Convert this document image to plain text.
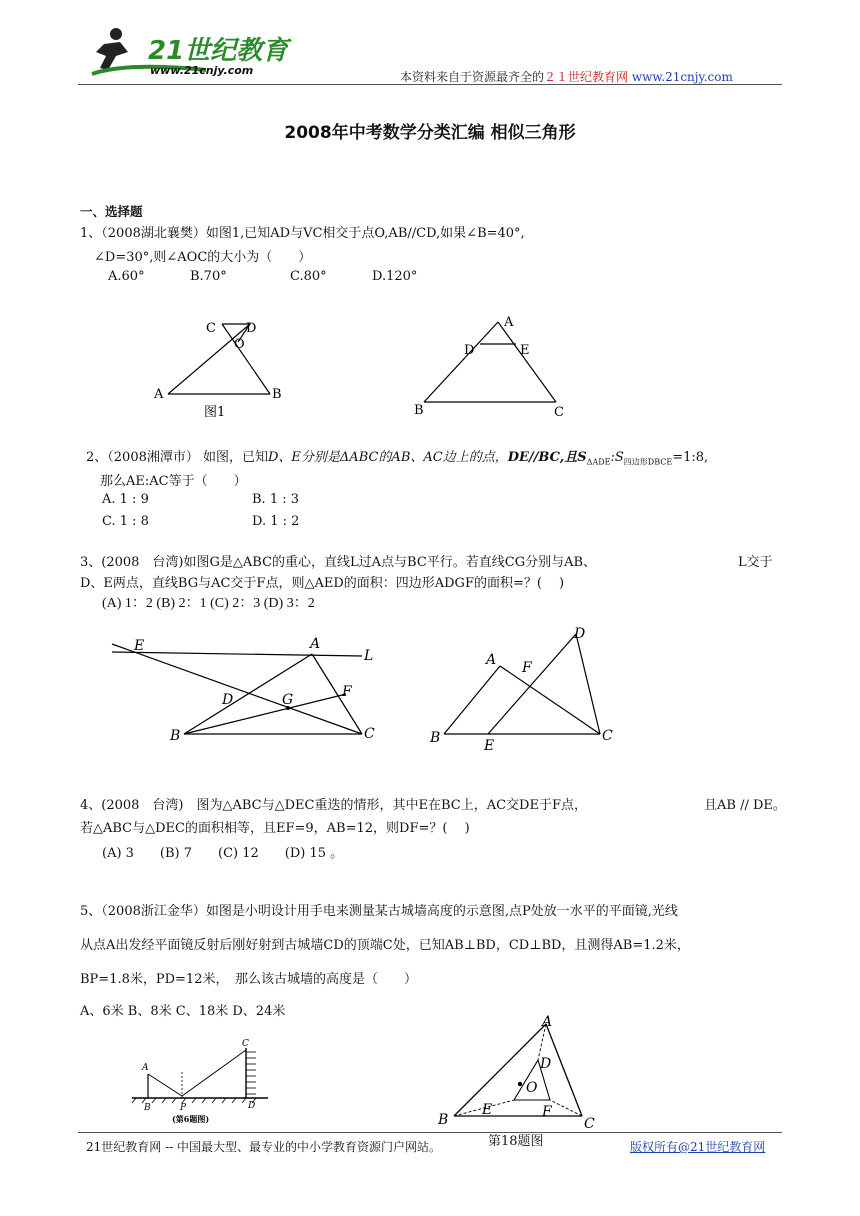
21世纪教育
www.21cnjy.com	本资料来自于资源最齐全的２１世纪教育网 www.21cnjy.com
2008年中考数学分类汇编 相似三角形
一、选择题
1、（2008湖北襄樊）如图1,已知AD与VC相交于点O,AB//CD,如果∠B=40°,
∠D=30°,则∠AOC的大小为（　　）
A.60°	B.70°	C.80°	D.120°
C D
O
A	B
图1
A
D	E
B	C
2、（2008湘潭市） 如图，已知D、E分别是ΔABC的AB、AC边上的点，DE//BC,且$S_{\Delta ADE}:S_{四边形DBCE}=1:8$,
那么AE:AC等于（　　）
A. 1 : 9	B. 1 : 3
C. 1 : 8	D. 1 : 2
3、(2008　台湾)如图G是△ABC的重心，直线L过A点与BC平行。若直线CG分别与AB、	L交于
D、E两点，直线BG与AC交于F点，则△AED的面积：四边形ADGF的面积=？(　 )
(A) 1：2 (B) 2：1 (C) 2：3 (D) 3：2
E	A
L
D	G	F
B	C
D
A F
B	E
C
4、(2008　台湾)　图为△ABC与△DEC重迭的情形，其中E在BC上，AC交DE于F点，	且AB // DE。
若△ABC与△DEC的面积相等，且EF=9，AB=12，则DF=？(　 )
(A) 3　　(B) 7　　(C) 12　　(D) 15 。
5、（2008浙江金华）如图是小明设计用手电来测量某古城墙高度的示意图,点P处放一水平的平面镜,光线
从点A出发经平面镜反射后刚好射到古城墙CD的顶端C处，已知AB⊥BD，CD⊥BD，且测得AB=1.2米，
BP=1.8米，PD=12米，　那么该古城墙的高度是（　　）
A、6米 B、8米 C、18米 D、24米
A
C
B	P	D
(第6题图)
A
D
O
B
E	F
C
21世纪教育网 -- 中国最大型、最专业的中小学教育资源门户网站。	第18题图	版权所有@21世纪教育网
